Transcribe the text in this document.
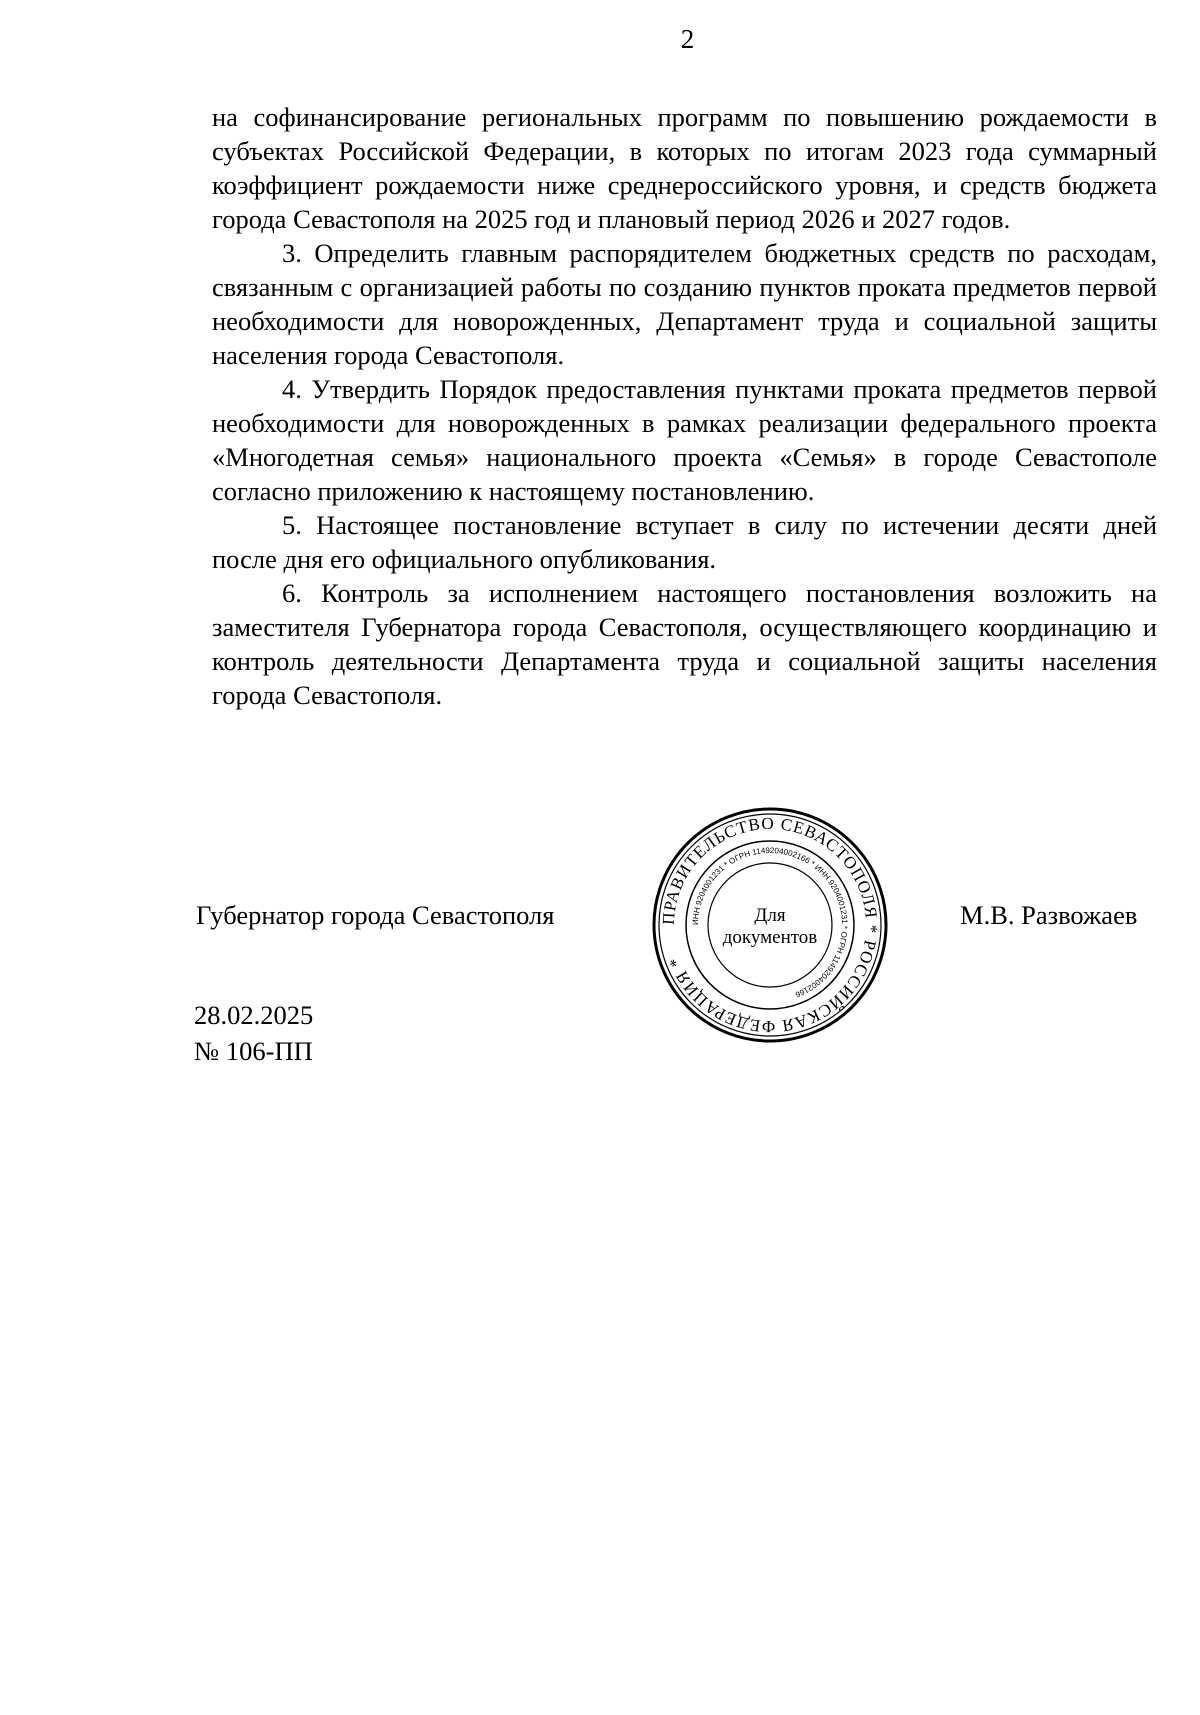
2

на софинансирование региональных программ по повышению рождаемости в субъектах Российской Федерации, в которых по итогам 2023 года суммарный коэффициент рождаемости ниже среднероссийского уровня, и средств бюджета города Севастополя на 2025 год и плановый период 2026 и 2027 годов.

3. Определить главным распорядителем бюджетных средств по расходам, связанным с организацией работы по созданию пунктов проката предметов первой необходимости для новорожденных, Департамент труда и социальной защиты населения города Севастополя.

4. Утвердить Порядок предоставления пунктами проката предметов первой необходимости для новорожденных в рамках реализации федерального проекта «Многодетная семья» национального проекта «Семья» в городе Севастополе согласно приложению к настоящему постановлению.

5. Настоящее постановление вступает в силу по истечении десяти дней после дня его официального опубликования.

6. Контроль за исполнением настоящего постановления возложить на заместителя Губернатора города Севастополя, осуществляющего координацию и контроль деятельности Департамента труда и социальной защиты населения города Севастополя.

Губернатор города Севастополя	ПРАВИТЕЛЬСТВО СЕВАСТОПОЛЯ * РОССИЙСКАЯ ФЕДЕРАЦИЯ *
ИНН 9204001231 * ОГРН 1149204002166 * ИНН 9204001231 * ОГРН 1149204002166
Для
документов
М.В. Развожаев
28.02.2025
№ 106-ПП
